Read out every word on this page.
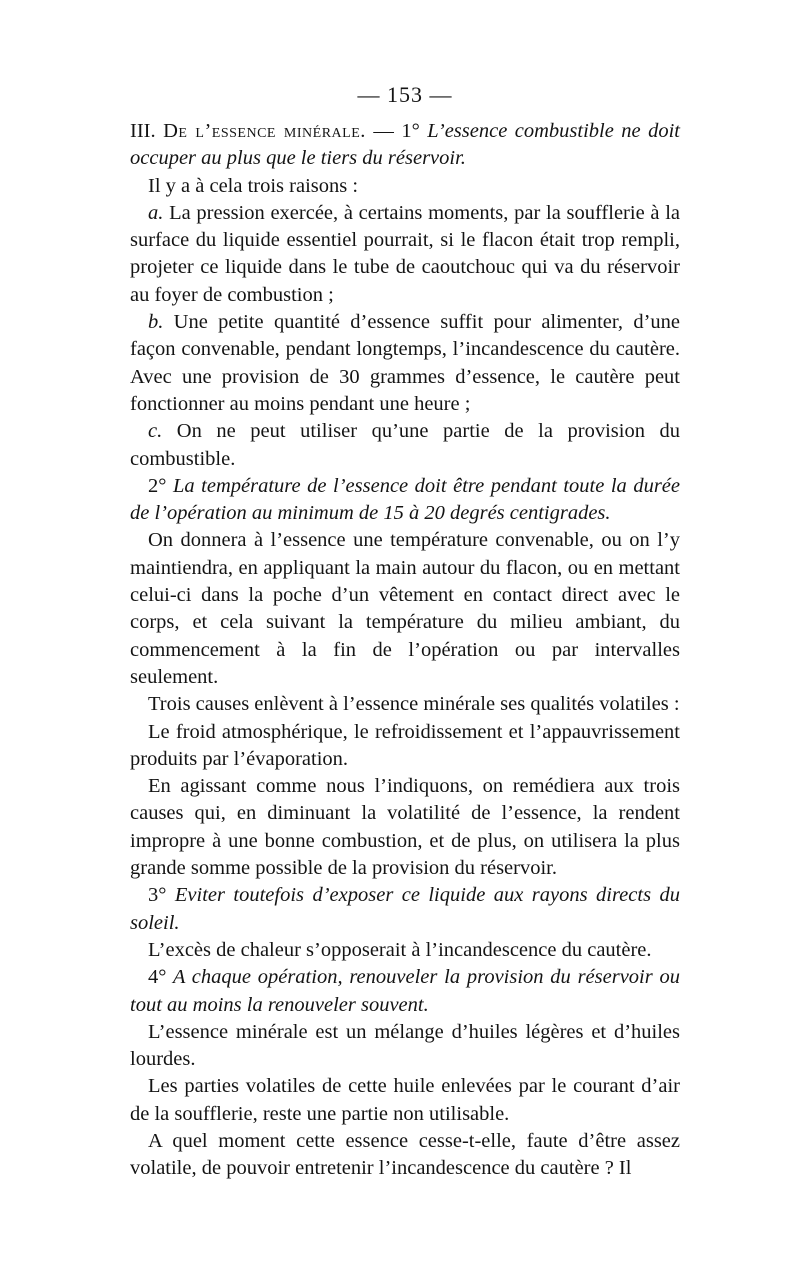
— 153 —

III. De l’essence minérale. — 1° L’essence combustible ne doit occuper au plus que le tiers du réservoir.

Il y a à cela trois raisons :

a. La pression exercée, à certains moments, par la soufflerie à la surface du liquide essentiel pourrait, si le flacon était trop rempli, projeter ce liquide dans le tube de caoutchouc qui va du réservoir au foyer de combustion ;

b. Une petite quantité d’essence suffit pour alimenter, d’une façon convenable, pendant longtemps, l’incandescence du cautère. Avec une provision de 30 grammes d’essence, le cautère peut fonctionner au moins pendant une heure ;

c. On ne peut utiliser qu’une partie de la provision du combustible.

2° La température de l’essence doit être pendant toute la durée de l’opération au minimum de 15 à 20 degrés centigrades.

On donnera à l’essence une température convenable, ou on l’y maintiendra, en appliquant la main autour du flacon, ou en mettant celui-ci dans la poche d’un vêtement en contact direct avec le corps, et cela suivant la température du milieu ambiant, du commencement à la fin de l’opération ou par intervalles seulement.

Trois causes enlèvent à l’essence minérale ses qualités volatiles :

Le froid atmosphérique, le refroidissement et l’appauvrissement produits par l’évaporation.

En agissant comme nous l’indiquons, on remédiera aux trois causes qui, en diminuant la volatilité de l’essence, la rendent impropre à une bonne combustion, et de plus, on utilisera la plus grande somme possible de la provision du réservoir.

3° Eviter toutefois d’exposer ce liquide aux rayons directs du soleil.

L’excès de chaleur s’opposerait à l’incandescence du cautère.

4° A chaque opération, renouveler la provision du réservoir ou tout au moins la renouveler souvent.

L’essence minérale est un mélange d’huiles légères et d’huiles lourdes.

Les parties volatiles de cette huile enlevées par le courant d’air de la soufflerie, reste une partie non utilisable.

A quel moment cette essence cesse-t-elle, faute d’être assez volatile, de pouvoir entretenir l’incandescence du cautère ? Il
